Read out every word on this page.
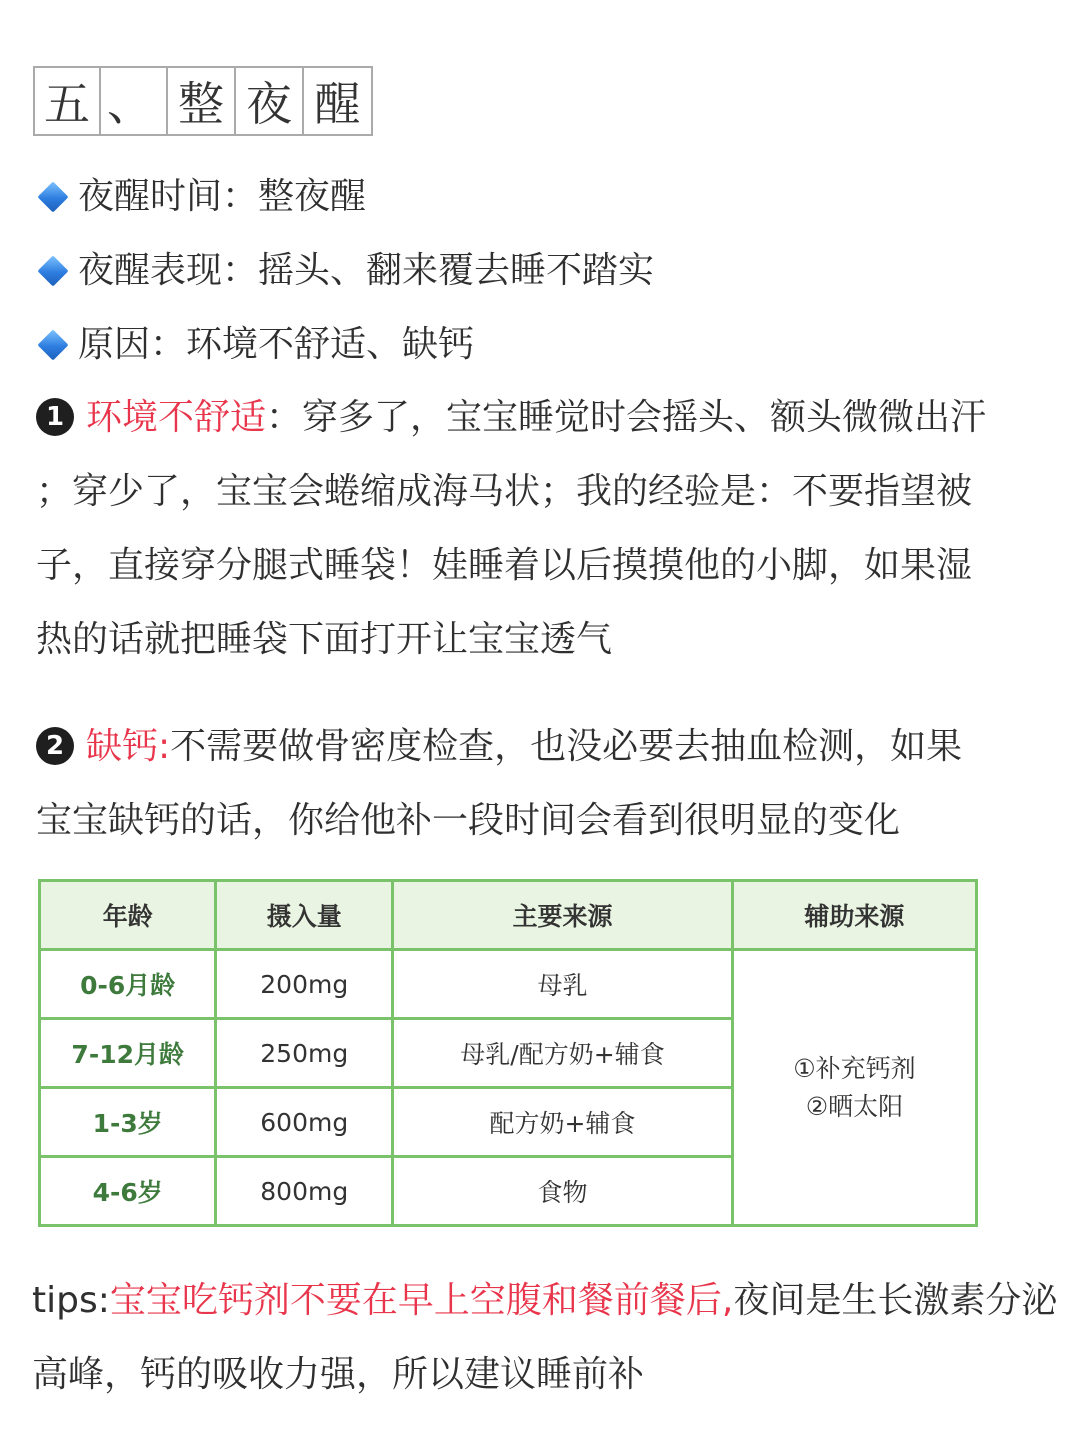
五 、 整 夜 醒
夜醒时间： 整夜醒
夜醒表现： 摇头、翻来覆去睡不踏实
原因： 环境不舒适、缺钙
1 环境不舒适：穿多了，宝宝睡觉时会摇头、额头微微出汗
；穿少了，宝宝会蜷缩成海马状；我的经验是：不要指望被
子，直接穿分腿式睡袋！娃睡着以后摸摸他的小脚，如果湿
热的话就把睡袋下面打开让宝宝透气
2 缺钙:不需要做骨密度检查，也没必要去抽血检测，如果
宝宝缺钙的话，你给他补一段时间会看到很明显的变化
年龄	摄入量	主要来源	辅助来源
0-6月龄	200mg	母乳	①补充钙剂
②晒太阳

7-12月龄	250mg	母乳/配方奶+辅食	
1-3岁	600mg	配方奶+辅食	
4-6岁	800mg	食物	
tips:宝宝吃钙剂不要在早上空腹和餐前餐后,夜间是生长激素分泌
高峰，钙的吸收力强，所以建议睡前补
